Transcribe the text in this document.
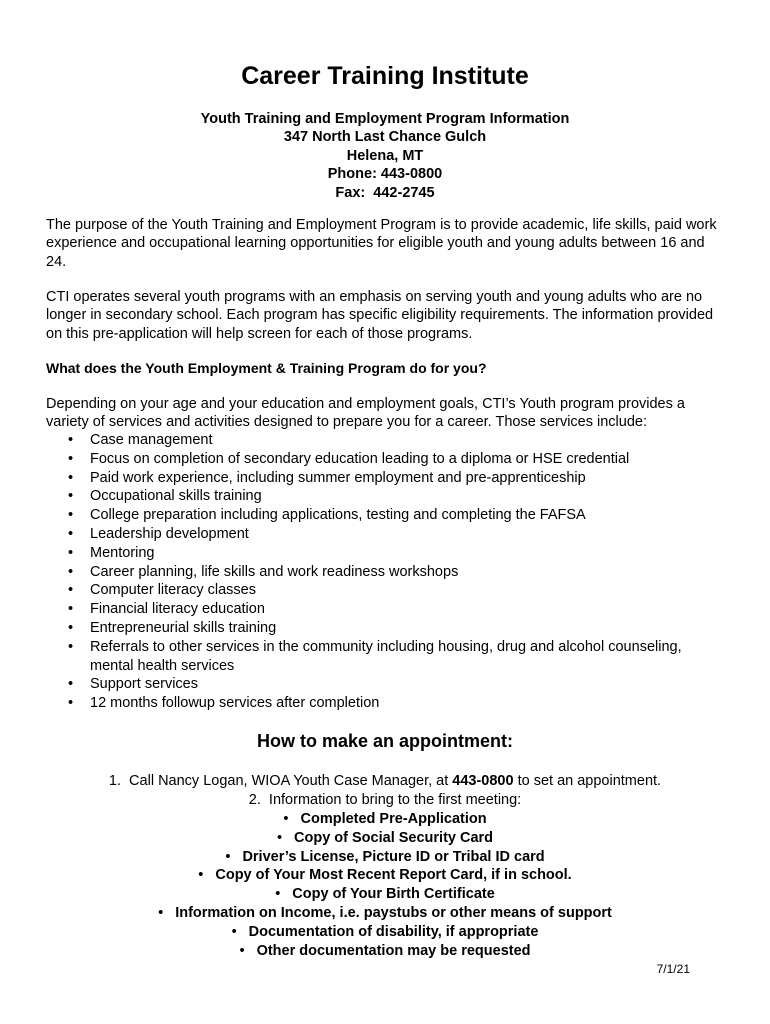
Career Training Institute
Youth Training and Employment Program Information
347 North Last Chance Gulch
Helena, MT
Phone: 443-0800
Fax:  442-2745

The purpose of the Youth Training and Employment Program is to provide academic, life skills, paid work experience and occupational learning opportunities for eligible youth and young adults between 16 and 24.

CTI operates several youth programs with an emphasis on serving youth and young adults who are no longer in secondary school. Each program has specific eligibility requirements. The information provided on this pre-application will help screen for each of those programs.

What does the Youth Employment & Training Program do for you?

Depending on your age and your education and employment goals, CTI’s Youth program provides a variety of services and activities designed to prepare you for a career. Those services include:

• Case management
• Focus on completion of secondary education leading to a diploma or HSE credential
• Paid work experience, including summer employment and pre-apprenticeship
• Occupational skills training
• College preparation including applications, testing and completing the FAFSA
• Leadership development
• Mentoring
• Career planning, life skills and work readiness workshops
• Computer literacy classes
• Financial literacy education
• Entrepreneurial skills training
• Referrals to other services in the community including housing, drug and alcohol counseling, mental health services
• Support services
• 12 months followup services after completion
How to make an appointment:
1.  Call Nancy Logan, WIOA Youth Case Manager, at 443-0800 to set an appointment.
2.  Information to bring to the first meeting:
• Completed Pre-Application
• Copy of Social Security Card
• Driver’s License, Picture ID or Tribal ID card
• Copy of Your Most Recent Report Card, if in school.
• Copy of Your Birth Certificate
• Information on Income, i.e. paystubs or other means of support
• Documentation of disability, if appropriate
• Other documentation may be requested
7/1/21
